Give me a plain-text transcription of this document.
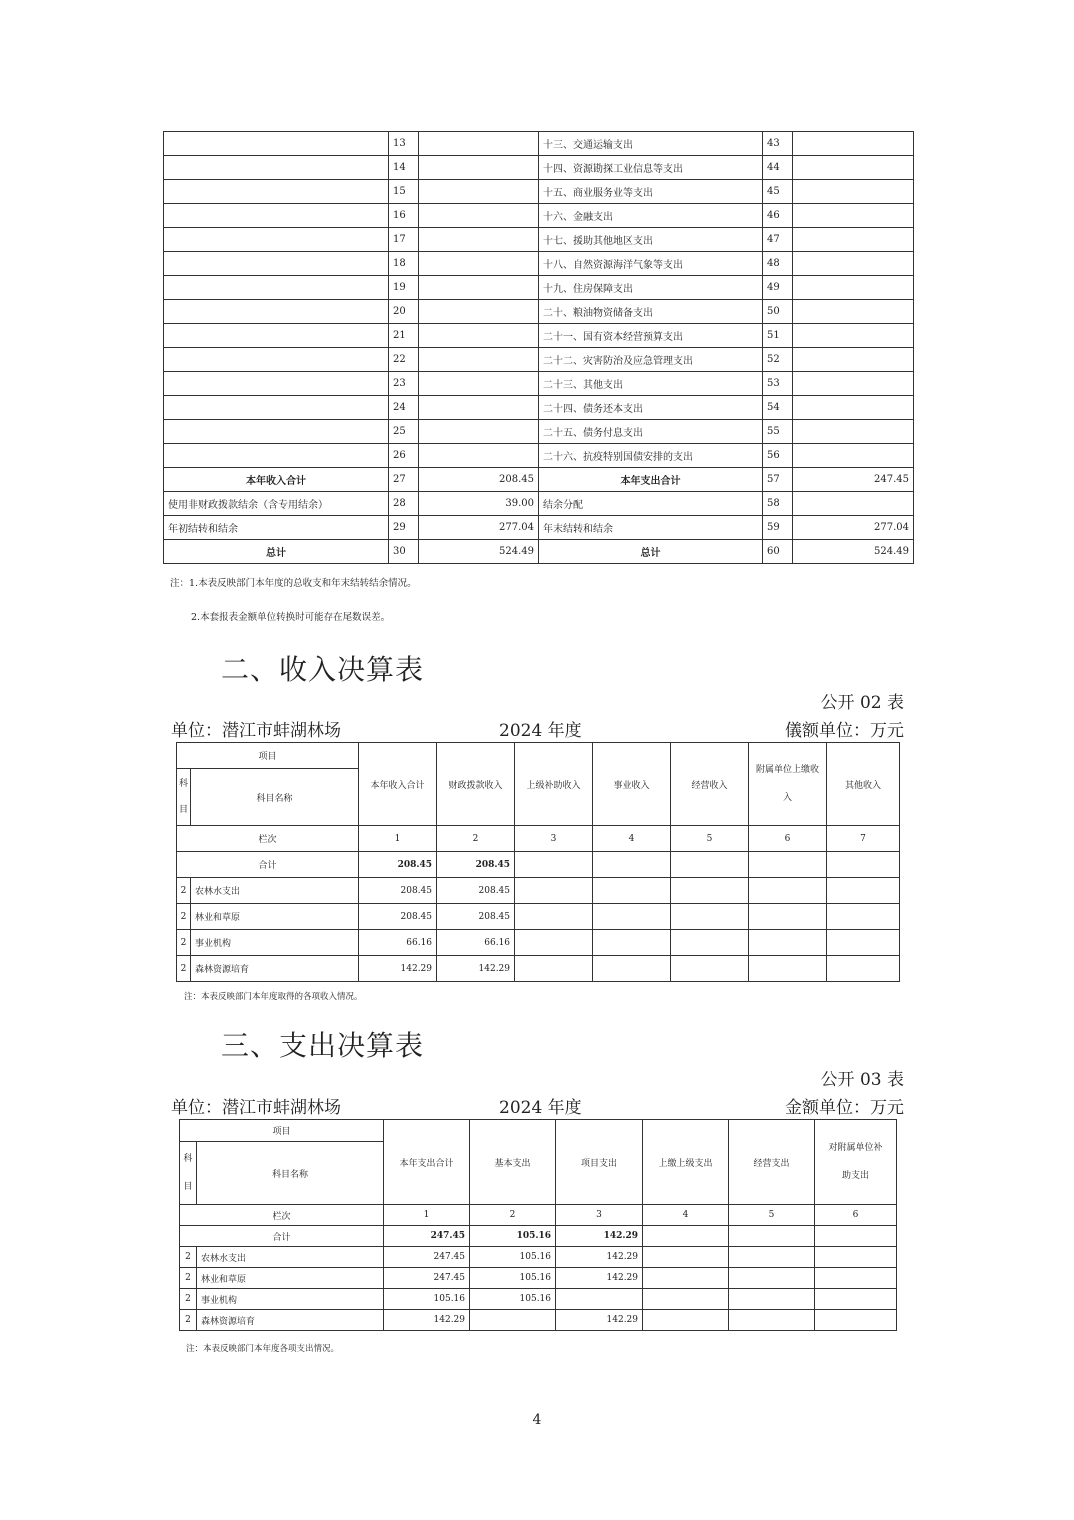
	13		十三、交通运输支出	43	
	14		十四、资源勘探工业信息等支出	44	
	15		十五、商业服务业等支出	45	
	16		十六、金融支出	46	
	17		十七、援助其他地区支出	47	
	18		十八、自然资源海洋气象等支出	48	
	19		十九、住房保障支出	49	
	20		二十、粮油物资储备支出	50	
	21		二十一、国有资本经营预算支出	51	
	22		二十二、灾害防治及应急管理支出	52	
	23		二十三、其他支出	53	
	24		二十四、债务还本支出	54	
	25		二十五、债务付息支出	55	
	26		二十六、抗疫特别国债安排的支出	56	
本年收入合计	27	208.45	本年支出合计	57	247.45
使用非财政拨款结余（含专用结余）	28	39.00	结余分配	58	
年初结转和结余	29	277.04	年末结转和结余	59	277.04
总计	30	524.49	总计	60	524.49
注：1.本表反映部门本年度的总收支和年末结转结余情况。
2.本套报表金额单位转换时可能存在尾数误差。
二、收入决算表
公开 02 表
单位：潜江市蚌湖林场	2024 年度	儀额单位：万元
项目		本年收入合计	财政拨款收入	上级补助收入	事业收入	经营收入	附属单位上缴收
入	其他收入
科
目	科目名称							
栏次		1	2	3	4	5	6	7
合计		208.45	208.45					
2	农林水支出	208.45	208.45					
2	林业和草原	208.45	208.45					
2	事业机构	66.16	66.16					
2	森林资源培育	142.29	142.29					
注：本表反映部门本年度取得的各项收入情况。
三、支出决算表
公开 03 表
单位：潜江市蚌湖林场	2024 年度	金额单位：万元
项目		本年支出合计	基本支出	项目支出	上缴上级支出	经营支出	对附属单位补
助支出
科
目	科目名称						
栏次		1	2	3	4	5	6
合计		247.45	105.16	142.29			
2	农林水支出	247.45	105.16	142.29			
2	林业和草原	247.45	105.16	142.29			
2	事业机构	105.16	105.16				
2	森林资源培育	142.29		142.29			
注：本表反映部门本年度各项支出情况。
4
